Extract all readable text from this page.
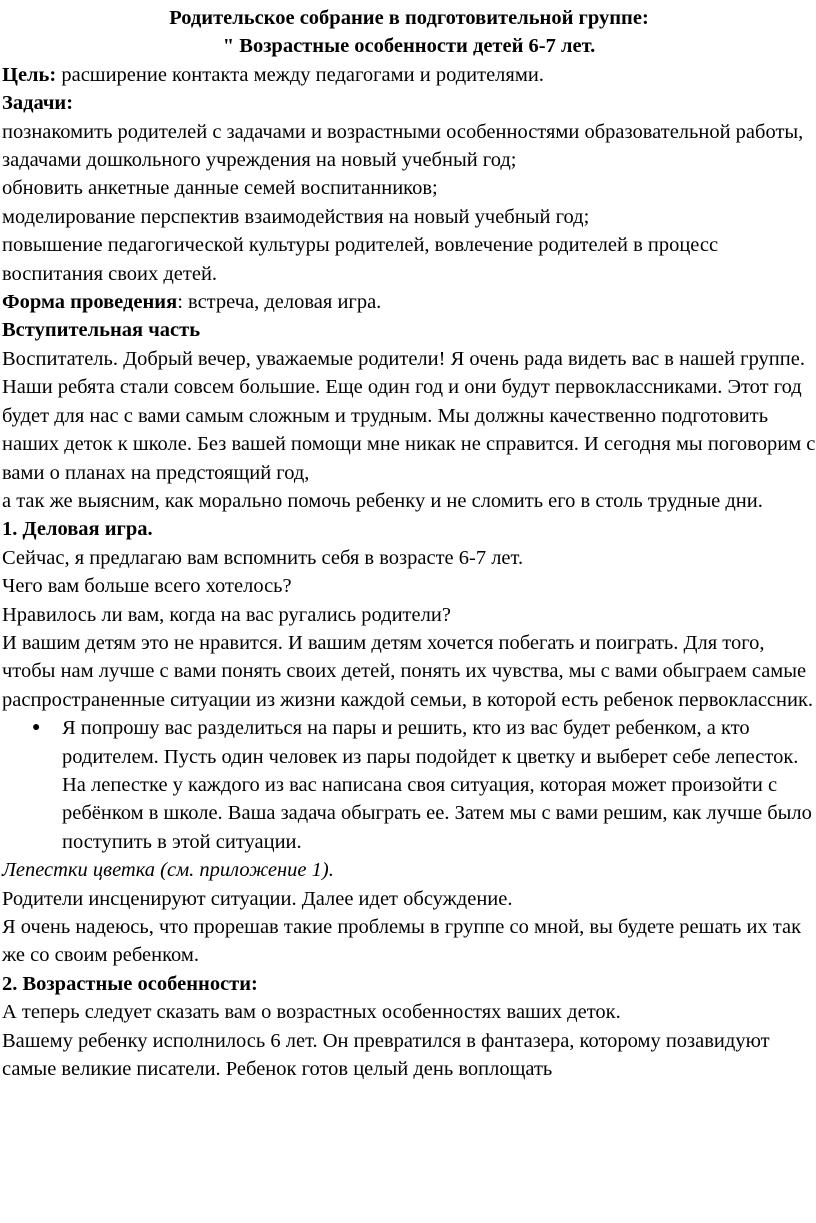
Родительское собрание в подготовительной группе:

" Возрастные особенности детей 6-7 лет.

Цель: расширение контакта между педагогами и родителями.

Задачи:

познакомить родителей с задачами и возрастными особенностями образовательной работы, задачами дошкольного учреждения на новый учебный год;

обновить анкетные данные семей воспитанников;

моделирование перспектив взаимодействия на новый учебный год;

повышение педагогической культуры родителей, вовлечение родителей в процесс воспитания своих детей.

Форма проведения: встреча, деловая игра.

Вступительная часть

Воспитатель. Добрый вечер, уважаемые родители! Я очень рада видеть вас в нашей группе. Наши ребята стали совсем большие. Еще один год и они будут первоклассниками. Этот год будет для нас с вами самым сложным и трудным. Мы должны качественно подготовить наших деток к школе. Без вашей помощи мне никак не справится. И сегодня мы поговорим с вами о планах на предстоящий год,

а так же выясним, как морально помочь ребенку и не сломить его в столь трудные дни.

1. Деловая игра.

Сейчас, я предлагаю вам вспомнить себя в возрасте 6-7 лет.

Чего вам больше всего хотелось?

Нравилось ли вам, когда на вас ругались родители?

И вашим детям это не нравится. И вашим детям хочется побегать и поиграть. Для того, чтобы нам лучше с вами понять своих детей, понять их чувства, мы с вами обыграем самые распространенные ситуации из жизни каждой семьи, в которой есть ребенок первоклассник.

● Я попрошу вас разделиться на пары и решить, кто из вас будет ребенком, а кто родителем. Пусть один человек из пары подойдет к цветку и выберет себе лепесток. На лепестке у каждого из вас написана своя ситуация, которая может произойти с ребёнком в школе. Ваша задача обыграть ее. Затем мы с вами решим, как лучше было поступить в этой ситуации.

Лепестки цветка (см. приложение 1).

Родители инсценируют ситуации. Далее идет обсуждение.

Я очень надеюсь, что прорешав такие проблемы в группе со мной, вы будете решать их так же со своим ребенком.

2. Возрастные особенности:

А теперь следует сказать вам о возрастных особенностях ваших деток.

Вашему ребенку исполнилось 6 лет. Он превратился в фантазера, которому позавидуют самые великие писатели. Ребенок готов целый день воплощать
